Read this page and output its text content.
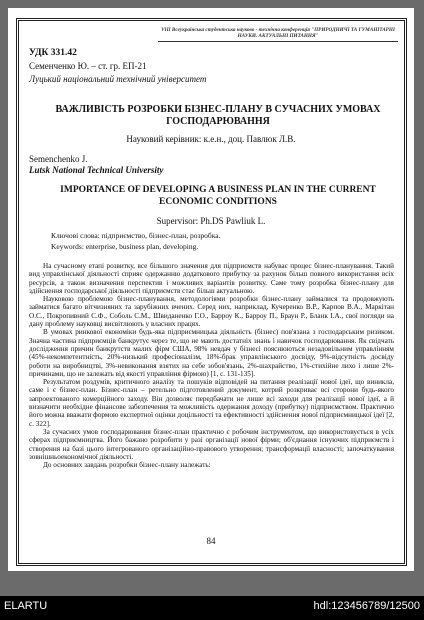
VIII Всеукраїнська студентська науково - технічна конференція "ПРИРОДНИЧІ ТА ГУМАНІТАРНІ НАУКИ. АКТУАЛЬНІ ПИТАННЯ"
УДК 331.42
Семенченко Ю. – ст. гр. ЕП-21
Луцький національний технічний університет
ВАЖЛИВІСТЬ РОЗРОБКИ БІЗНЕС-ПЛАНУ В СУЧАСНИХ УМОВАХ ГОСПОДАРЮВАННЯ
Науковий керівник: к.е.н., доц. Павлюк Л.В.
Semenchenko J.
Lutsk National Technical University
IMPORTANCE OF DEVELOPING A BUSINESS PLAN IN THE CURRENT ECONOMIC CONDITIONS
Supervisor: Ph.DS Pawliuk L.
Ключові слова: підприємство, бізнес-план, розробка.
Keywords: enterprise, business plan, developing.

На сучасному етапі розвитку, все більшого значення для підприємств набуває процес бізнес-планування. Такий вид управлінської діяльності сприяє одержанню додаткового прибутку за рахунок більш повного використання всіх ресурсів, а також визначення перспектив і можливих варіантів розвитку. Саме тому розробка бізнес-плану для здійснення господарської діяльності підприємств стає більш актуальною.

Науковою проблемою бізнес-планування, методологіями розробки бізнес-плану займалися та продовжують займатися багато вітчизняних та зарубіжних вчених. Серед них, наприклад, Кучеренко В.Р., Карпов В.А., Маркітан О.С., Покропивний С.Ф., Соболь С.М., Швиданенко Г.О., Барроу К., Барроу П., Браун Р., Бланк І.А., свої погляди на дану проблему науковці висвітлюють у власних працях.

В умовах ринкової економіки будь-яка підприємницька діяльність (бізнес) пов'язана з господарським ризиком. Значна частина підприємців банкрутує через те, що не мають достатніх знань і навичок господарювання. Як свідчать дослідження причин банкрутств малих фірм США, 98% невдач у бізнесі пояснюються незадовільним управлінням (45%-некомпетентність, 20%-низький професіоналізм, 18%-брак управлінського досвіду, 9%-відсутність досвіду роботи на виробництві, 3%-невиконання взятих на себе зобов'язань, 2%-шахрайство, 1%-стихійне лихо і лише 2%-причинами, що не залежать від якості управління фірмою) [1, с. 131-135].

Результатом роздумів, критичного аналізу та пошуків відповідей на питання реалізації нової ідеї, що виникла, саме і є бізнес-план. Бізнес-план – ретельно підготовлений документ, котрий розкриває всі сторони будь-якого запроектованого комерційного заходу. Він дозволяє передбачати не лише всі заходи для реалізації нової ідеї, а й визначити необхідне фінансове забезпечення та можливість одержання доходу (прибутку) підприємством. Практично його можна вважати формою експертної оцінки доцільності та ефективності здійснення нової підприємницької ідеї [2, с. 322].

За сучасних умов господарювання бізнес-план практично є робочим інструментом, що використовується в усіх сферах підприємництва. Його бажано розробити у разі організації нової фірми; об'єднання існуючих підприємств і створення на базі цього інтегрованого організаційно-правового утворення; трансформації власності; започаткування зовнішньоекономічної діяльності.

До основних завдань розробки бізнес-плану належать:

84
ELARTU	hdl:123456789/12500
